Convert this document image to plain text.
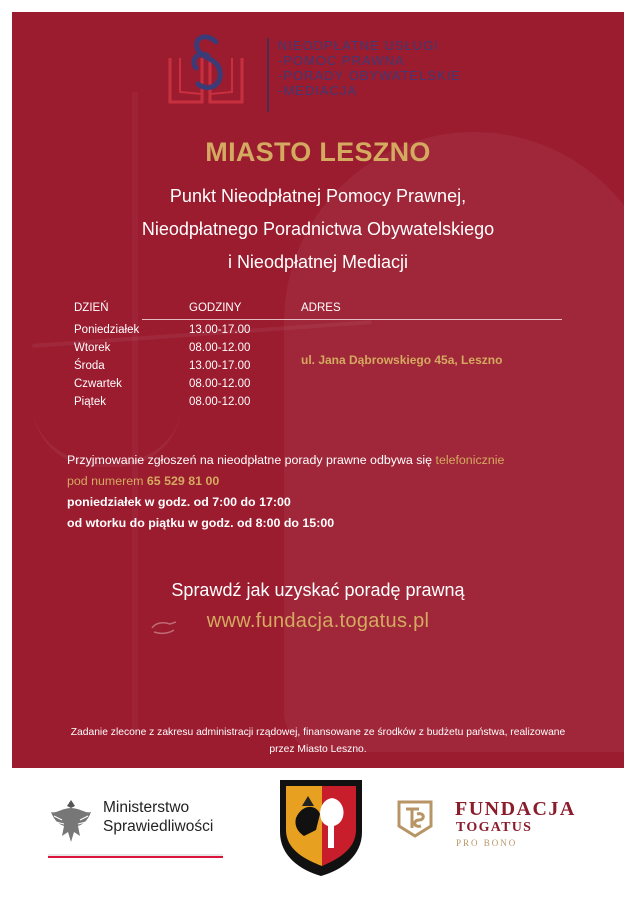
NIEODPŁATNE USŁUGI
-POMOC PRAWNA
-PORADY OBYWATELSKIE
-MEDIACJA
MIASTO LESZNO
Punkt Nieodpłatnej Pomocy Prawnej,
Nieodpłatnego Poradnictwa Obywatelskiego
i Nieodpłatnej Mediacji
DZIEŃ	GODZINY	ADRES
Poniedziałek	13.00-17.00
Wtorek	08.00-12.00
Środa	13.00-17.00
Czwartek	08.00-12.00
Piątek	08.00-12.00
ul. Jana Dąbrowskiego 45a, Leszno
Przyjmowanie zgłoszeń na nieodpłatne porady prawne odbywa się telefonicznie
pod numerem 65 529 81 00
poniedziałek w godz. od 7:00 do 17:00
od wtorku do piątku w godz. od 8:00 do 15:00
Sprawdź jak uzyskać poradę prawną
www.fundacja.togatus.pl
Zadanie zlecone z zakresu administracji rządowej, finansowane ze środków z budżetu państwa, realizowane
przez Miasto Leszno.
Ministerstwo
Sprawiedliwości
FUNDACJA
TOGATUS
PRO BONO
